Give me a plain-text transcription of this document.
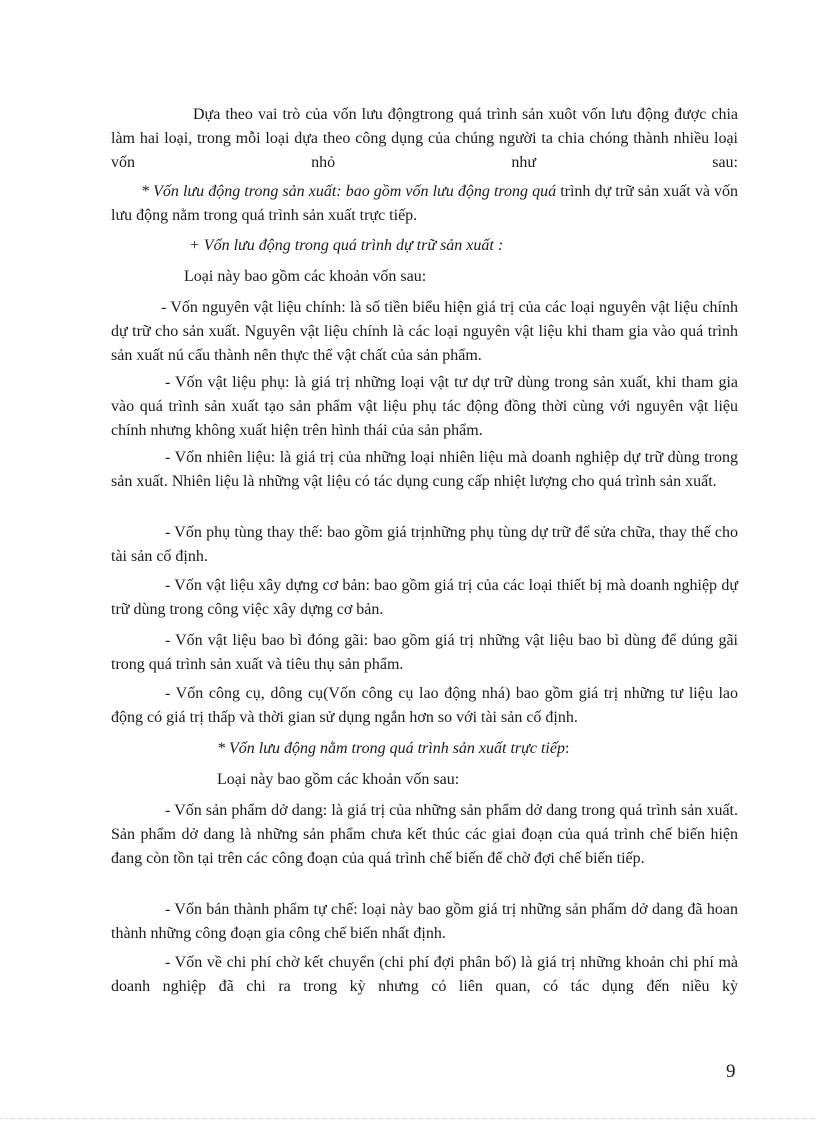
Dựa theo vai trò của vốn lưu độngtrong quá trình sản xuôt vốn lưu động được chia làm hai loại, trong mỗi loại dựa theo công dụng của chúng người ta chia chóng thành nhiều loại vốn nhỏ như sau:

* Vốn lưu động trong sản xuất: bao gồm vốn lưu động trong quá trình dự trữ sản xuất và vốn lưu động nằm trong quá trình sản xuất trực tiếp.

+ Vốn lưu động trong quá trình dự trữ sản xuất :

Loại này bao gồm các khoản vốn sau:

- Vốn nguyên vật liệu chính: là số tiền biểu hiện giá trị của các loại nguyên vật liệu chính dự trữ cho sản xuất. Nguyên vật liệu chính là các loại nguyên vật liệu khi tham gia vào quá trình sản xuất nú cấu thành nên thực thể vật chất của sản phẩm.

- Vốn vật liệu phụ: là giá trị những loại vật tư dự trữ dùng trong sản xuất, khi tham gia vào quá trình sản xuất tạo sản phẩm vật liệu phụ tác động đồng thời cùng với nguyên vật liệu chính nhưng không xuất hiện trên hình thái của sản phẩm.

- Vốn nhiên liệu: là giá trị của những loại nhiên liệu mà doanh nghiệp dự trữ dùng trong sản xuất. Nhiên liệu là những vật liệu có tác dụng cung cấp nhiệt lượng cho quá trình sản xuất.

- Vốn phụ tùng thay thế: bao gồm giá trịnhững phụ tùng dự trữ để sửa chữa, thay thế cho tài sản cố định.

- Vốn vật liệu xây dựng cơ bản: bao gồm giá trị của các loại thiết bị mà doanh nghiệp dự trữ dùng trong công việc xây dựng cơ bản.

- Vốn vật liệu bao bì đóng gãi: bao gồm giá trị những vật liệu bao bì dùng để dúng gãi trong quá trình sản xuất và tiêu thụ sản phẩm.

- Vốn công cụ, dông cụ(Vốn công cụ lao động nhá) bao gồm giá trị những tư liệu lao động có giá trị thấp và thời gian sử dụng ngắn hơn so với tài sản cố định.

* Vốn lưu động nằm trong quá trình sản xuất trực tiếp:

Loại này bao gồm các khoản vốn sau:

- Vốn sản phẩm dở dang: là giá trị của những sản phẩm dở dang trong quá trình sản xuất. Sản phẩm dở dang là những sản phẩm chưa kết thúc các giai đoạn của quá trình chế biến hiện đang còn tồn tại trên các công đoạn của quá trình chế biến để chờ đợi chế biến tiếp.

- Vốn bán thành phẩm tự chế: loại này bao gồm giá trị những sản phẩm dở dang đã hoan thành những công đoạn gia công chế biến nhất định.

- Vốn về chi phí chờ kết chuyển (chi phí đợi phân bố) là giá trị những khoản chi phí mà doanh nghiệp đã chi ra trong kỳ nhưng có liên quan, có tác dụng đến niều kỳ

9
